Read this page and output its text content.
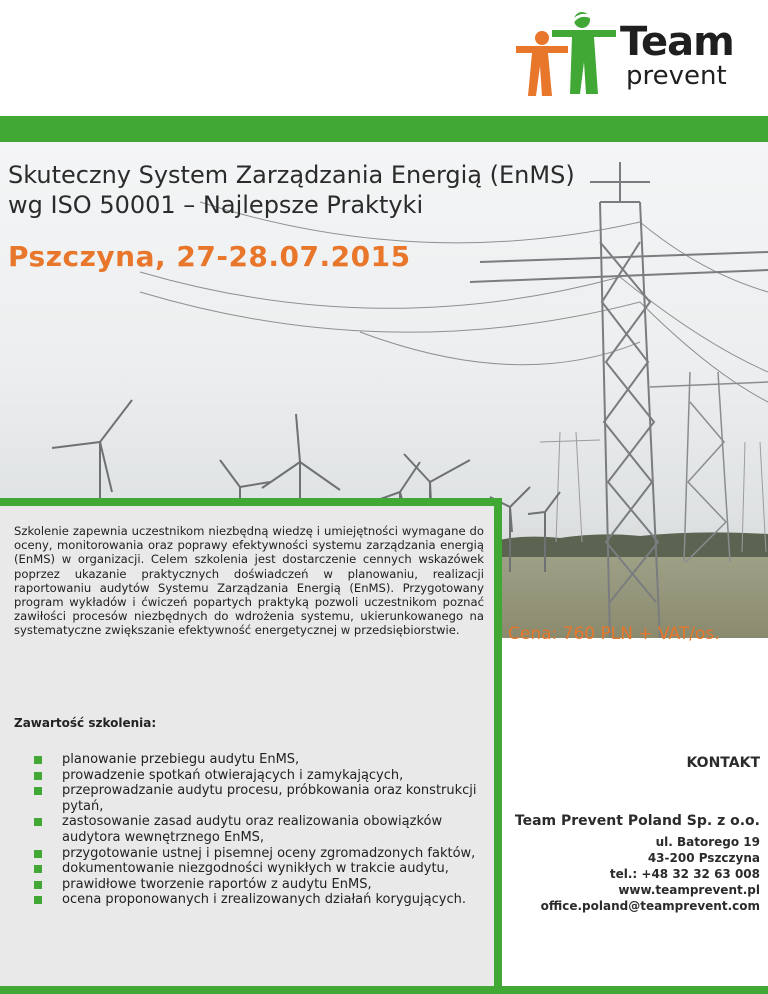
Team
prevent
Skuteczny System Zarządzania Energią (EnMS)
wg ISO 50001 – Najlepsze Praktyki
Pszczyna, 27-28.07.2015

Szkolenie zapewnia uczestnikom niezbędną wiedzę i umiejętności wymagane do oceny, monitorowania oraz poprawy efektywności systemu zarządzania energią (EnMS) w organizacji. Celem szkolenia jest dostarczenie cennych wskazówek poprzez ukazanie praktycznych doświadczeń w planowaniu, realizacji raportowaniu audytów Systemu Zarządzania Energią (EnMS). Przygotowany program wykładów i ćwiczeń popartych praktyką pozwoli uczestnikom poznać zawiłości procesów niezbędnych do wdrożenia systemu, ukierunkowanego na systematyczne zwiększanie efektywność energetycznej w przedsiębiorstwie.

Zawartość szkolenia:
planowanie przebiegu audytu EnMS,
prowadzenie spotkań otwierających i zamykających,
przeprowadzanie audytu procesu, próbkowania oraz konstrukcji pytań,
zastosowanie zasad audytu oraz realizowania obowiązków audytora wewnętrznego EnMS,
przygotowanie ustnej i pisemnej oceny zgromadzonych faktów,
dokumentowanie niezgodności wynikłych w trakcie audytu,
prawidłowe tworzenie raportów z audytu EnMS,
ocena proponowanych i zrealizowanych działań korygujących.
Cena: 760 PLN + VAT/os.
KONTAKT
Team Prevent Poland Sp. z o.o.
ul. Batorego 19
43-200 Pszczyna
tel.: +48 32 32 63 008
www.teamprevent.pl
office.poland@teamprevent.com
